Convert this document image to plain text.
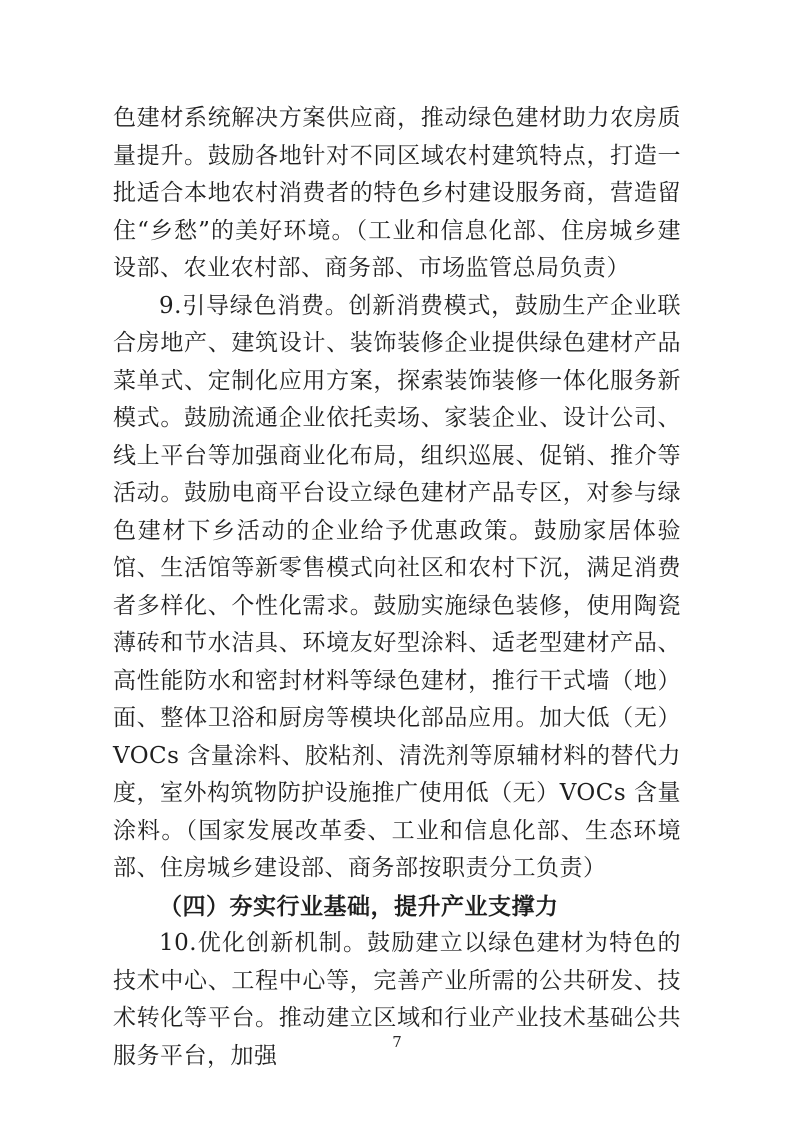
色建材系统解决方案供应商，推动绿色建材助力农房质量提升。鼓励各地针对不同区域农村建筑特点，打造一批适合本地农村消费者的特色乡村建设服务商，营造留住“乡愁”的美好环境。（工业和信息化部、住房城乡建设部、农业农村部、商务部、市场监管总局负责）

9.引导绿色消费。创新消费模式，鼓励生产企业联合房地产、建筑设计、装饰装修企业提供绿色建材产品菜单式、定制化应用方案，探索装饰装修一体化服务新模式。鼓励流通企业依托卖场、家装企业、设计公司、线上平台等加强商业化布局，组织巡展、促销、推介等活动。鼓励电商平台设立绿色建材产品专区，对参与绿色建材下乡活动的企业给予优惠政策。鼓励家居体验馆、生活馆等新零售模式向社区和农村下沉，满足消费者多样化、个性化需求。鼓励实施绿色装修，使用陶瓷薄砖和节水洁具、环境友好型涂料、适老型建材产品、高性能防水和密封材料等绿色建材，推行干式墙（地）面、整体卫浴和厨房等模块化部品应用。加大低（无）VOCs 含量涂料、胶粘剂、清洗剂等原辅材料的替代力度，室外构筑物防护设施推广使用低（无）VOCs 含量涂料。（国家发展改革委、工业和信息化部、生态环境部、住房城乡建设部、商务部按职责分工负责）

（四）夯实行业基础，提升产业支撑力

10.优化创新机制。鼓励建立以绿色建材为特色的技术中心、工程中心等，完善产业所需的公共研发、技术转化等平台。推动建立区域和行业产业技术基础公共服务平台，加强

7
